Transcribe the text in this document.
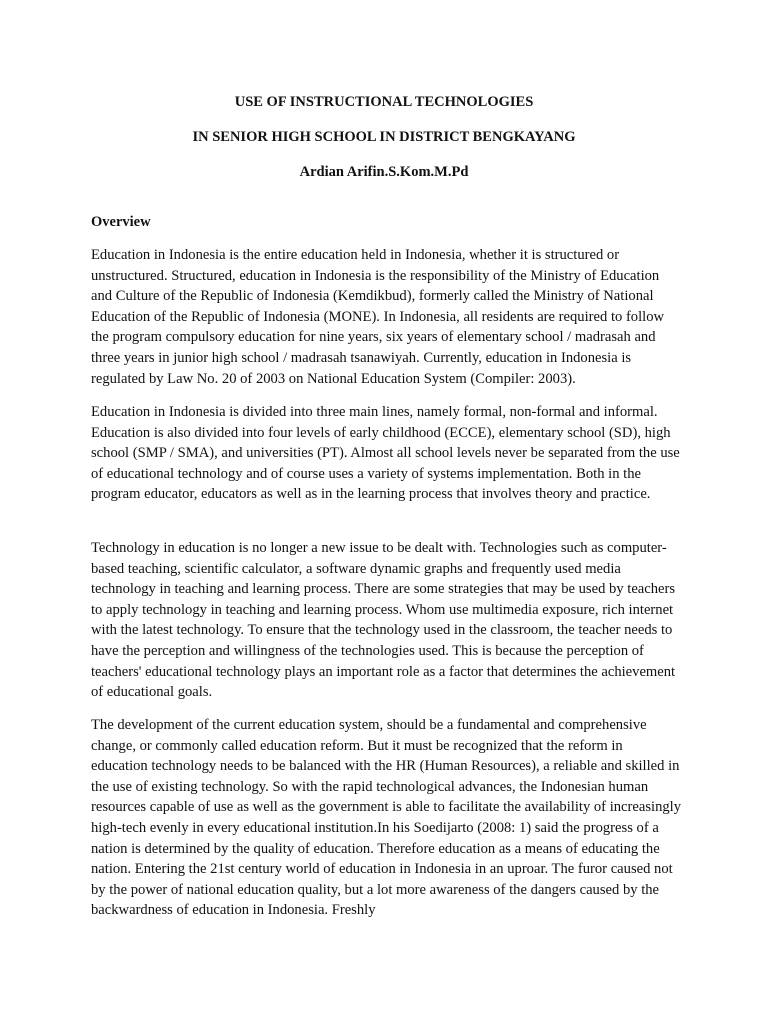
USE OF INSTRUCTIONAL TECHNOLOGIES
IN SENIOR HIGH SCHOOL IN DISTRICT BENGKAYANG
Ardian Arifin.S.Kom.M.Pd
Overview

Education in Indonesia is the entire education held in Indonesia, whether it is structured or unstructured. Structured, education in Indonesia is the responsibility of the Ministry of Education and Culture of the Republic of Indonesia (Kemdikbud), formerly called the Ministry of National Education of the Republic of Indonesia (MONE). In Indonesia, all residents are required to follow the program compulsory education for nine years, six years of elementary school / madrasah and three years in junior high school / madrasah tsanawiyah. Currently, education in Indonesia is regulated by Law No. 20 of 2003 on National Education System (Compiler: 2003).

Education in Indonesia is divided into three main lines, namely formal, non-formal and informal. Education is also divided into four levels of early childhood (ECCE), elementary school (SD), high school (SMP / SMA), and universities (PT). Almost all school levels never be separated from the use of educational technology and of course uses a variety of systems implementation. Both in the program educator, educators as well as in the learning process that involves theory and practice.

Technology in education is no longer a new issue to be dealt with. Technologies such as computer-based teaching, scientific calculator, a software dynamic graphs and frequently used media technology in teaching and learning process. There are some strategies that may be used by teachers to apply technology in teaching and learning process. Whom use multimedia exposure, rich internet with the latest technology. To ensure that the technology used in the classroom, the teacher needs to have the perception and willingness of the technologies used. This is because the perception of teachers' educational technology plays an important role as a factor that determines the achievement of educational goals.

The development of the current education system, should be a fundamental and comprehensive change, or commonly called education reform. But it must be recognized that the reform in education technology needs to be balanced with the HR (Human Resources), a reliable and skilled in the use of existing technology. So with the rapid technological advances, the Indonesian human resources capable of use as well as the government is able to facilitate the availability of increasingly high-tech evenly in every educational institution.In his Soedijarto (2008: 1) said the progress of a nation is determined by the quality of education. Therefore education as a means of educating the nation. Entering the 21st century world of education in Indonesia in an uproar. The furor caused not by the power of national education quality, but a lot more awareness of the dangers caused by the backwardness of education in Indonesia. Freshly
